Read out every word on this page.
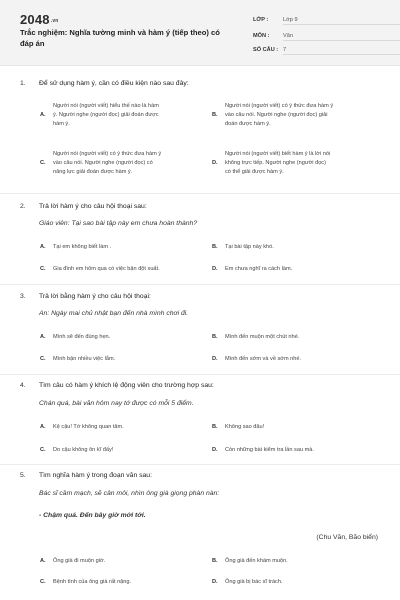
2048.vn
Trắc nghiệm: Nghĩa tường minh và hàm ý (tiếp theo) có đáp án
LỚP :	Lớp 9
MÔN :	Văn
SỐ CÂU : 7
1. Để sử dụng hàm ý, cần có điều kiện nào sau đây:
A.
Người nói (người viết) hiểu thế nào là hàm
ý. Người nghe (người đọc) giải đoán được
hàm ý.
B.
Người nói (người viết) có ý thức đưa hàm ý
vào câu nói. Người nghe (người đọc) giải
đoán được hàm ý.
C.
Người nói (người viết) có ý thức đưa hàm ý
vào câu nói. Người nghe (người đọc) có
năng lực giải đoán được hàm ý.
D.
Người nói (người viết) biết hàm ý là lời nói
không trực tiếp. Người nghe (người đọc)
có thể giải được hàm ý.
2. Trả lời hàm ý cho câu hội thoại sau:
Giáo viên: Tại sao bài tập này em chưa hoàn thành?
A. Tại em không biết làm .	B. Tại bài tập này khó.
C. Gia đình em hôm qua có việc bận đột xuất.	D. Em chưa nghĩ ra cách làm.
3. Trả lời bằng hàm ý cho câu hội thoại:
An: Ngày mai chủ nhật bạn đến nhà mình chơi đi.
A. Mình sẽ đến đúng hẹn.	B. Mình đến muộn một chút nhé.
C. Mình bận nhiều việc lắm.	D. Mình đến sớm và về sớm nhé.
4. Tìm câu có hàm ý khích lệ động viên cho trường hợp sau:
Chán quá, bài văn hôm nay tớ được có mỗi 5 điểm.
A. Kệ cậu! Tớ không quan tâm.	B. Không sao đâu!
C. Do cậu không ôn kĩ đấy!	D. Còn những bài kiểm tra lần sau mà.
5. Tìm nghĩa hàm ý trong đoạn văn sau:
Bác sĩ cầm mạch, sẽ cân môi, nhìn ông già giọng phàn nàn:
- Chậm quá. Đến bây giờ mới tới.
(Chu Văn, Bão biển)
A. Ông già đi muộn giờ.	B. Ông già đến khám muộn.
C. Bệnh tình của ông già rất nặng.	D. Ông già bị bác sĩ trách.
